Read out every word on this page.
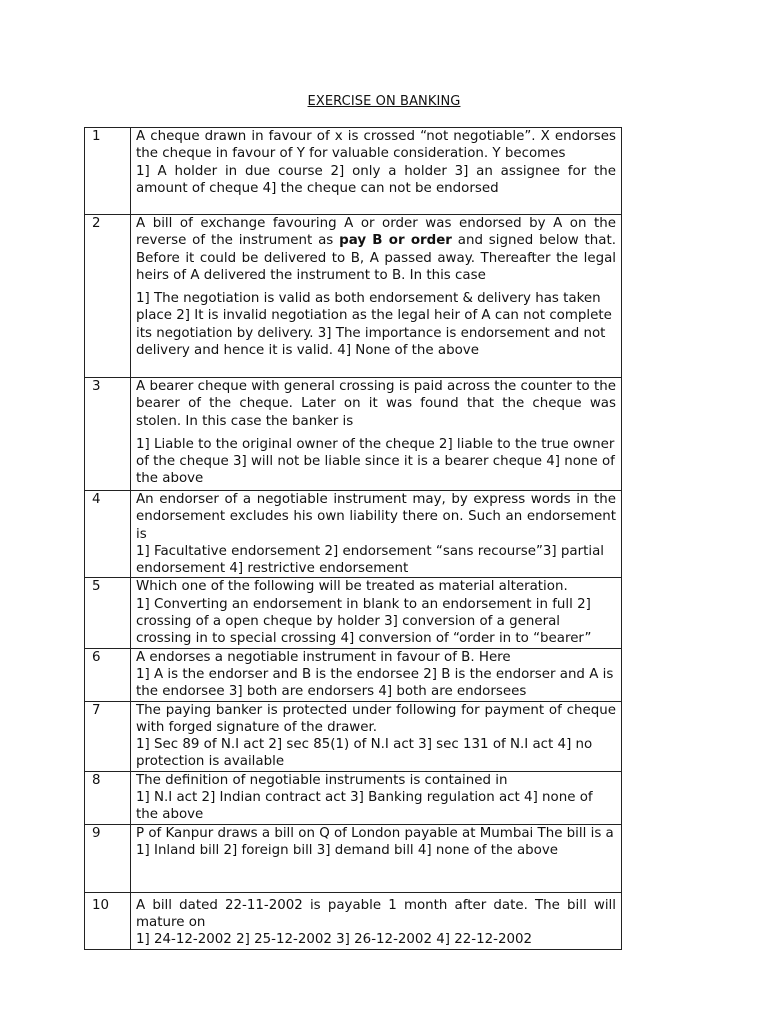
EXERCISE ON BANKING
1	A cheque drawn in favour of x is crossed “not negotiable”. X endorses the cheque in favour of Y for valuable consideration. Y becomes
1] A holder in due course 2] only a holder 3] an assignee for the amount of cheque 4] the cheque can not be endorsed

2	A bill of exchange favouring A or order was endorsed by A on the reverse of the instrument as pay B or order and signed below that. Before it could be delivered to B, A passed away. Thereafter the legal heirs of A delivered the instrument to B. In this case
1] The negotiation is valid as both endorsement & delivery has taken place 2] It is invalid negotiation as the legal heir of A can not complete its negotiation by delivery. 3] The importance is endorsement and not delivery and hence it is valid. 4] None of the above

3	A bearer cheque with general crossing is paid across the counter to the bearer of the cheque. Later on it was found that the cheque was stolen. In this case the banker is
1] Liable to the original owner of the cheque 2] liable to the true owner of the cheque 3] will not be liable since it is a bearer cheque 4] none of the above

4	An endorser of a negotiable instrument may, by express words in the endorsement excludes his own liability there on. Such an endorsement is
1] Facultative endorsement 2] endorsement “sans recourse”3] partial endorsement 4] restrictive endorsement

5	Which one of the following will be treated as material alteration.
1] Converting an endorsement in blank to an endorsement in full 2] crossing of a open cheque by holder 3] conversion of a general crossing in to special crossing 4] conversion of “order in to “bearer”

6	A endorses a negotiable instrument in favour of B. Here
1] A is the endorser and B is the endorsee 2] B is the endorser and A is the endorsee 3] both are endorsers 4] both are endorsees

7	The paying banker is protected under following for payment of cheque with forged signature of the drawer.
1] Sec 89 of N.I act 2] sec 85(1) of N.I act 3] sec 131 of N.I act 4] no protection is available

8	The definition of negotiable instruments is contained in
1] N.I act 2] Indian contract act 3] Banking regulation act 4] none of the above

9	P of Kanpur draws a bill on Q of London payable at Mumbai The bill is a
1] Inland bill 2] foreign bill 3] demand bill 4] none of the above

10	A bill dated 22-11-2002 is payable 1 month after date. The bill will mature on
1] 24-12-2002 2] 25-12-2002 3] 26-12-2002 4] 22-12-2002
